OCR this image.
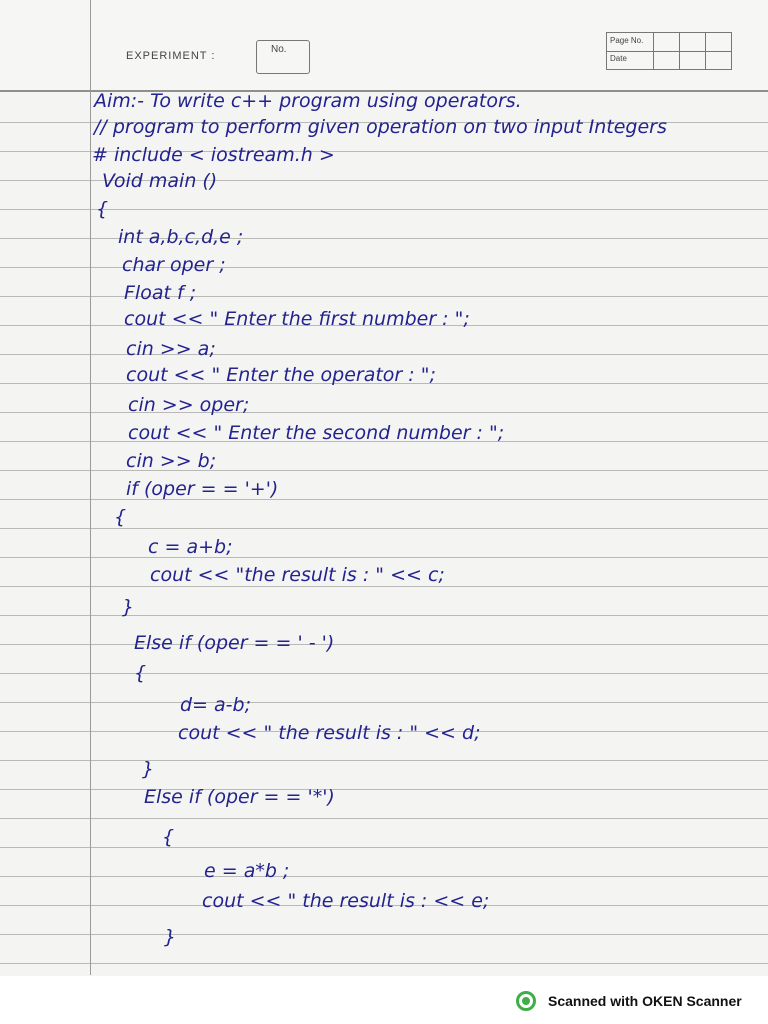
EXPERIMENT :
No.
Page No.
Date
Aim:- To write c++ program using operators.
// program to perform given operation on two input Integers
# include < iostream.h >
Void main ()
{
int a,b,c,d,e ;
char oper ;
Float f ;
cout << " Enter the first number : ";
cin >> a;
cout << " Enter the operator : ";
cin >> oper;
cout << " Enter the second number : ";
cin >> b;
if (oper = = '+')
{
c = a+b;
cout << "the result is : " << c;
}
Else if (oper = = ' - ')
{
d= a-b;
cout << " the result is : " << d;
}
Else if (oper = = '*')
{
e = a*b ;
cout << " the result is : << e;
}
Scanned with OKEN Scanner
